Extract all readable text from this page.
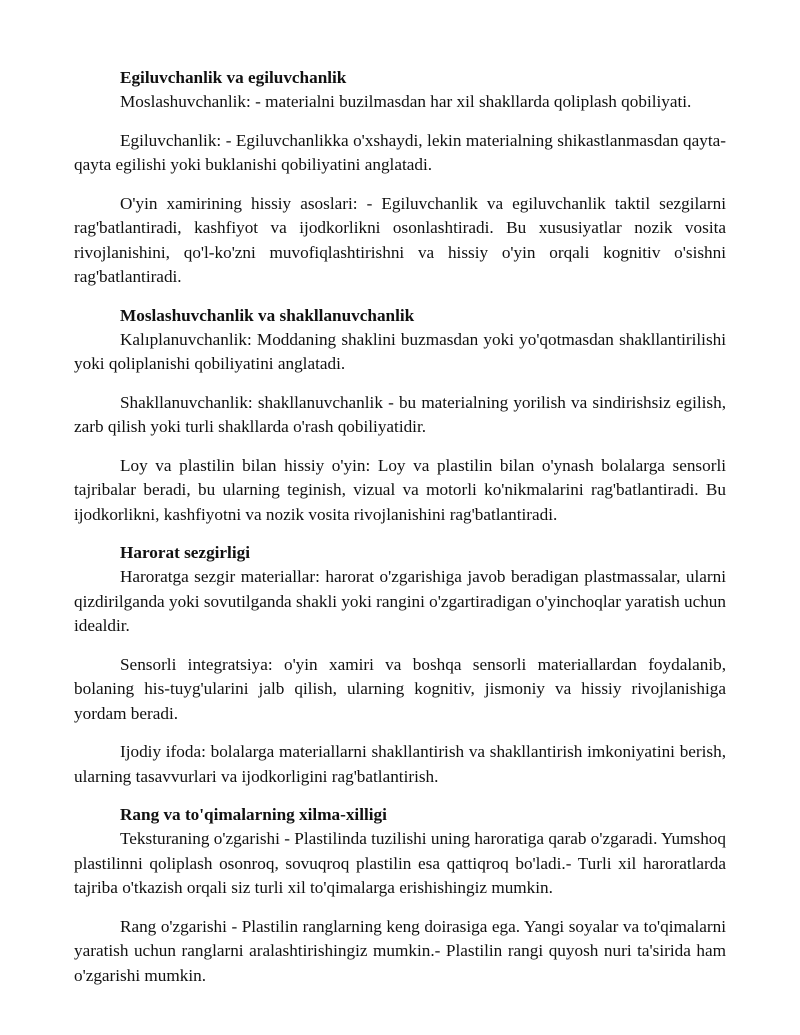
Egiluvchanlik va egiluvchanlik

Moslashuvchanlik: - materialni buzilmasdan har xil shakllarda qoliplash qobiliyati.

Egiluvchanlik: - Egiluvchanlikka o'xshaydi, lekin materialning shikastlanmasdan qayta-qayta egilishi yoki buklanishi qobiliyatini anglatadi.

O'yin xamirining hissiy asoslari: - Egiluvchanlik va egiluvchanlik taktil sezgilarni rag'batlantiradi, kashfiyot va ijodkorlikni osonlashtiradi. Bu xususiyatlar nozik vosita rivojlanishini, qo'l-ko'zni muvofiqlashtirishni va hissiy o'yin orqali kognitiv o'sishni rag'batlantiradi.

Moslashuvchanlik va shakllanuvchanlik

Kalıplanuvchanlik: Moddaning shaklini buzmasdan yoki yo'qotmasdan shakllantirilishi yoki qoliplanishi qobiliyatini anglatadi.

Shakllanuvchanlik: shakllanuvchanlik - bu materialning yorilish va sindirishsiz egilish, zarb qilish yoki turli shakllarda o'rash qobiliyatidir.

Loy va plastilin bilan hissiy o'yin: Loy va plastilin bilan o'ynash bolalarga sensorli tajribalar beradi, bu ularning teginish, vizual va motorli ko'nikmalarini rag'batlantiradi. Bu ijodkorlikni, kashfiyotni va nozik vosita rivojlanishini rag'batlantiradi.

Harorat sezgirligi

Haroratga sezgir materiallar: harorat o'zgarishiga javob beradigan plastmassalar, ularni qizdirilganda yoki sovutilganda shakli yoki rangini o'zgartiradigan o'yinchoqlar yaratish uchun idealdir.

Sensorli integratsiya: o'yin xamiri va boshqa sensorli materiallardan foydalanib, bolaning his-tuyg'ularini jalb qilish, ularning kognitiv, jismoniy va hissiy rivojlanishiga yordam beradi.

Ijodiy ifoda: bolalarga materiallarni shakllantirish va shakllantirish imkoniyatini berish, ularning tasavvurlari va ijodkorligini rag'batlantirish.

Rang va to'qimalarning xilma-xilligi

Teksturaning o'zgarishi - Plastilinda tuzilishi uning haroratiga qarab o'zgaradi. Yumshoq plastilinni qoliplash osonroq, sovuqroq plastilin esa qattiqroq bo'ladi.- Turli xil haroratlarda tajriba o'tkazish orqali siz turli xil to'qimalarga erishishingiz mumkin.

Rang o'zgarishi - Plastilin ranglarning keng doirasiga ega. Yangi soyalar va to'qimalarni yaratish uchun ranglarni aralashtirishingiz mumkin.- Plastilin rangi quyosh nuri ta'sirida ham o'zgarishi mumkin.
